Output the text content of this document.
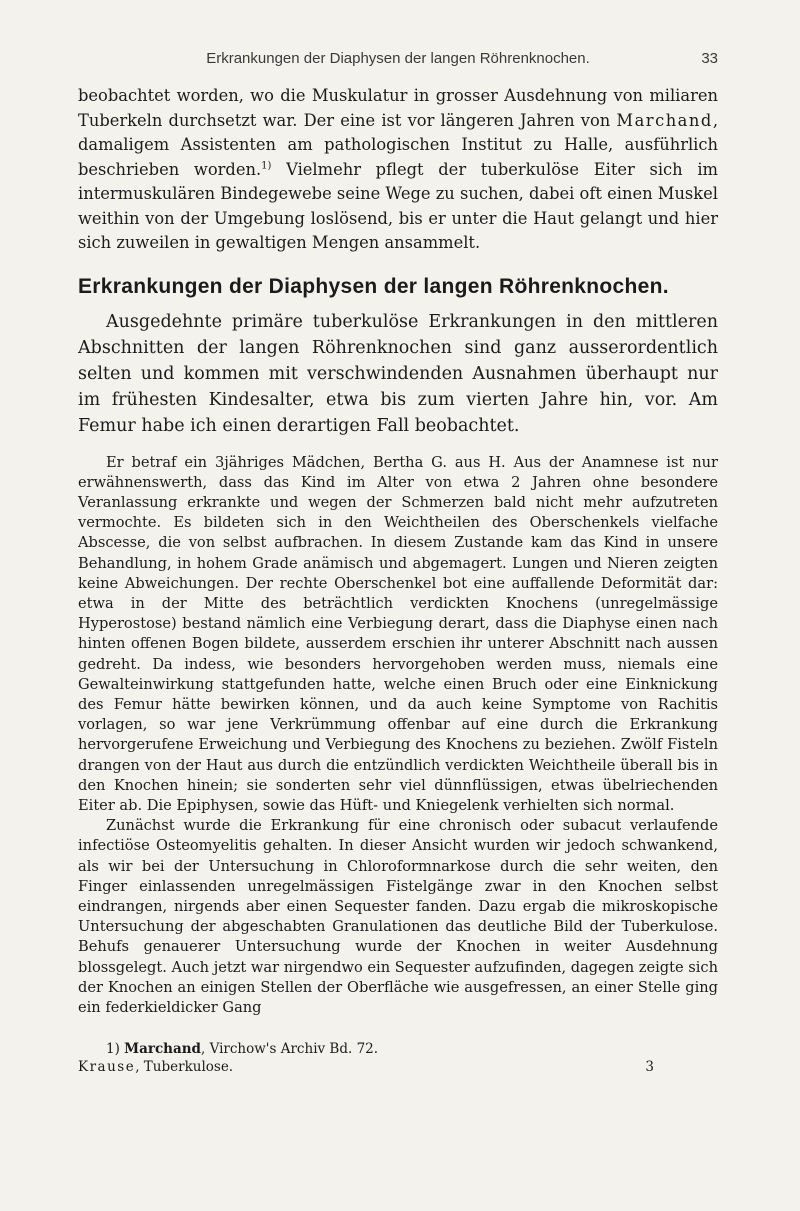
Erkrankungen der Diaphysen der langen Röhrenknochen.	33

beobachtet worden, wo die Muskulatur in grosser Ausdehnung von miliaren Tuberkeln durchsetzt war. Der eine ist vor längeren Jahren von Marchand, damaligem Assistenten am pathologischen Institut zu Halle, ausführlich beschrieben worden.$^{1)}$ Vielmehr pflegt der tuberkulöse Eiter sich im intermuskulären Bindegewebe seine Wege zu suchen, dabei oft einen Muskel weithin von der Umgebung loslösend, bis er unter die Haut gelangt und hier sich zuweilen in gewaltigen Mengen ansammelt.

Erkrankungen der Diaphysen der langen Röhrenknochen.

Ausgedehnte primäre tuberkulöse Erkrankungen in den mittleren Abschnitten der langen Röhrenknochen sind ganz ausserordentlich selten und kommen mit verschwindenden Ausnahmen überhaupt nur im frühesten Kindesalter, etwa bis zum vierten Jahre hin, vor. Am Femur habe ich einen derartigen Fall beobachtet.

Er betraf ein 3jähriges Mädchen, Bertha G. aus H. Aus der Anamnese ist nur erwähnenswerth, dass das Kind im Alter von etwa 2 Jahren ohne besondere Veranlassung erkrankte und wegen der Schmerzen bald nicht mehr aufzutreten vermochte. Es bildeten sich in den Weichtheilen des Oberschenkels vielfache Abscesse, die von selbst aufbrachen. In diesem Zustande kam das Kind in unsere Behandlung, in hohem Grade anämisch und abgemagert. Lungen und Nieren zeigten keine Abweichungen. Der rechte Oberschenkel bot eine auffallende Deformität dar: etwa in der Mitte des beträchtlich verdickten Knochens (unregelmässige Hyperostose) bestand nämlich eine Verbiegung derart, dass die Diaphyse einen nach hinten offenen Bogen bildete, ausserdem erschien ihr unterer Abschnitt nach aussen gedreht. Da indess, wie besonders hervorgehoben werden muss, niemals eine Gewalteinwirkung stattgefunden hatte, welche einen Bruch oder eine Einknickung des Femur hätte bewirken können, und da auch keine Symptome von Rachitis vorlagen, so war jene Verkrümmung offenbar auf eine durch die Erkrankung hervorgerufene Erweichung und Verbiegung des Knochens zu beziehen. Zwölf Fisteln drangen von der Haut aus durch die entzündlich verdickten Weichtheile überall bis in den Knochen hinein; sie sonderten sehr viel dünnflüssigen, etwas übelriechenden Eiter ab. Die Epiphysen, sowie das Hüft- und Kniegelenk verhielten sich normal.

Zunächst wurde die Erkrankung für eine chronisch oder subacut verlaufende infectiöse Osteomyelitis gehalten. In dieser Ansicht wurden wir jedoch schwankend, als wir bei der Untersuchung in Chloroformnarkose durch die sehr weiten, den Finger einlassenden unregelmässigen Fistelgänge zwar in den Knochen selbst eindrangen, nirgends aber einen Sequester fanden. Dazu ergab die mikroskopische Untersuchung der abgeschabten Granulationen das deutliche Bild der Tuberkulose. Behufs genauerer Untersuchung wurde der Knochen in weiter Ausdehnung blossgelegt. Auch jetzt war nirgendwo ein Sequester aufzufinden, dagegen zeigte sich der Knochen an einigen Stellen der Oberfläche wie ausgefressen, an einer Stelle ging ein federkieldicker Gang

1) Marchand, Virchow's Archiv Bd. 72.
Krause, Tuberkulose.	3
